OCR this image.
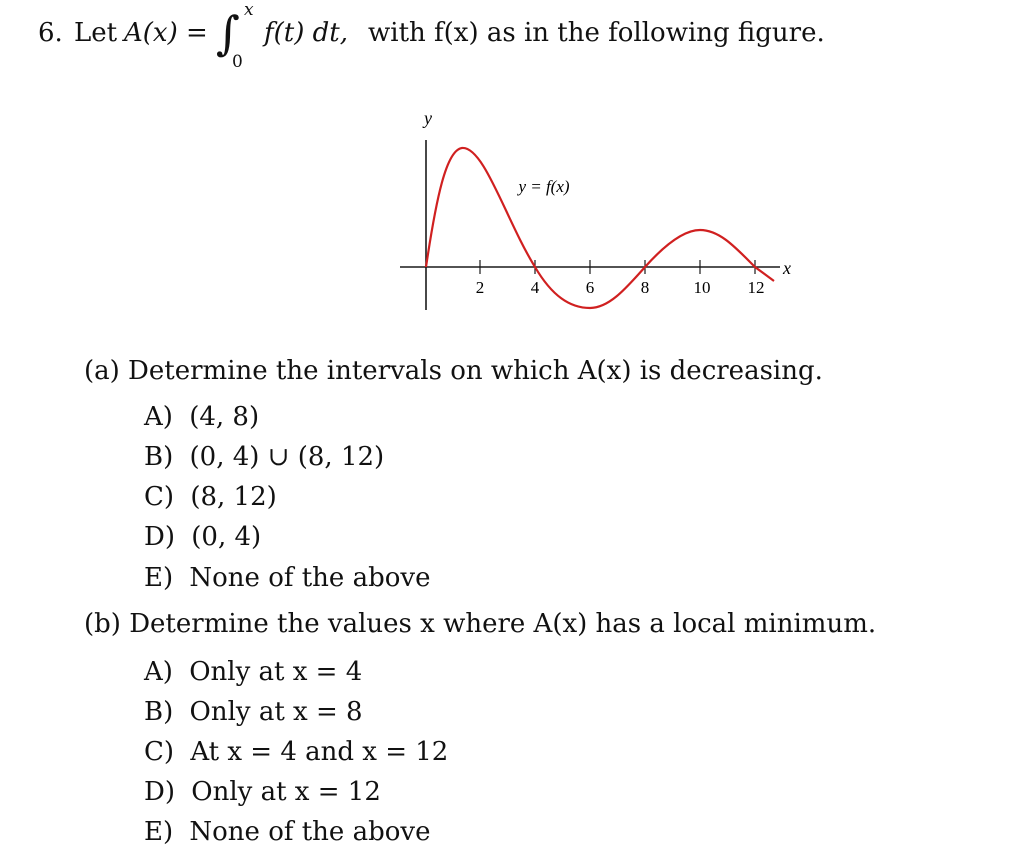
6. Let A(x) = ∫ x
0
f(t) dt, with f(x) as in the following figure.
2	4	6	8	10 12
y
x
y = f(x)
(a) Determine the intervals on which A(x) is decreasing.
A) (4, 8)
B) (0, 4) ∪ (8, 12)
C) (8, 12)
D) (0, 4)
E) None of the above
(b) Determine the values x where A(x) has a local minimum.
A) Only at x = 4
B) Only at x = 8
C) At x = 4 and x = 12
D) Only at x = 12
E) None of the above
